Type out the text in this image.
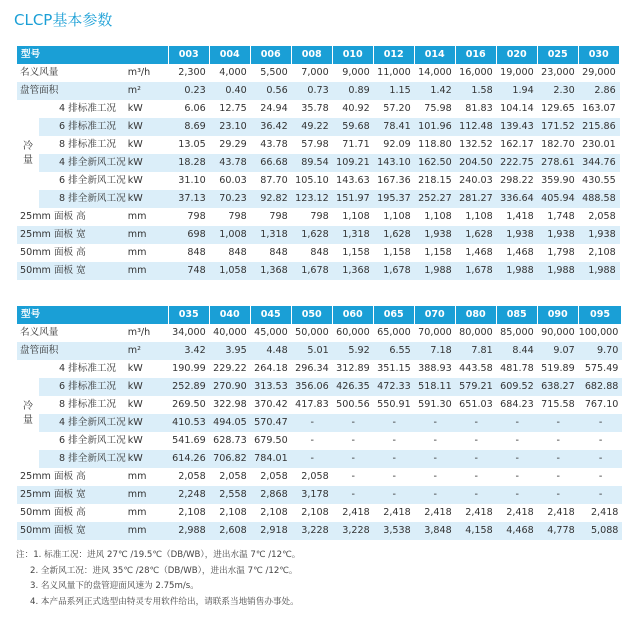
CLCP基本参数
型号			003	004	006	008	010	012	014	016	020	025	030
名义风量		m³/h	2,300	4,000	5,500	7,000	9,000	11,000	14,000	16,000	19,000	23,000	29,000
盘管面积		m²	0.23	0.40	0.56	0.73	0.89	1.15	1.42	1.58	1.94	2.30	2.86
冷量	4 排标准工况	kW	6.06	12.75	24.94	35.78	40.92	57.20	75.98	81.83	104.14	129.65	163.07
	6 排标准工况	kW	8.69	23.10	36.42	49.22	59.68	78.41	101.96	112.48	139.43	171.52	215.86
	8 排标准工况	kW	13.05	29.29	43.78	57.98	71.71	92.09	118.80	132.52	162.17	182.70	230.01
	4 排全新风工况	kW	18.28	43.78	66.68	89.54	109.21	143.10	162.50	204.50	222.75	278.61	344.76
	6 排全新风工况	kW	31.10	60.03	87.70	105.10	143.63	167.36	218.15	240.03	298.22	359.90	430.55
	8 排全新风工况	kW	37.13	70.23	92.82	123.12	151.97	195.37	252.27	281.27	336.64	405.94	488.58
25mm 面板 高		mm	798	798	798	798	1,108	1,108	1,108	1,108	1,418	1,748	2,058
25mm 面板 宽		mm	698	1,008	1,318	1,628	1,318	1,628	1,938	1,628	1,938	1,938	1,938
50mm 面板 高		mm	848	848	848	848	1,158	1,158	1,158	1,468	1,468	1,798	2,108
50mm 面板 宽		mm	748	1,058	1,368	1,678	1,368	1,678	1,988	1,678	1,988	1,988	1,988
型号			035	040	045	050	060	065	070	080	085	090	095
名义风量		m³/h	34,000	40,000	45,000	50,000	60,000	65,000	70,000	80,000	85,000	90,000	100,000
盘管面积		m²	3.42	3.95	4.48	5.01	5.92	6.55	7.18	7.81	8.44	9.07	9.70
冷量	4 排标准工况	kW	190.99	229.22	264.18	296.34	312.89	351.15	388.93	443.58	481.78	519.89	575.49
	6 排标准工况	kW	252.89	270.90	313.53	356.06	426.35	472.33	518.11	579.21	609.52	638.27	682.88
	8 排标准工况	kW	269.50	322.98	370.42	417.83	500.56	550.91	591.30	651.03	684.23	715.58	767.10
	4 排全新风工况	kW	410.53	494.05	570.47	-	-	-	-	-	-	-	-
	6 排全新风工况	kW	541.69	628.73	679.50	-	-	-	-	-	-	-	-
	8 排全新风工况	kW	614.26	706.82	784.01	-	-	-	-	-	-	-	-
25mm 面板 高		mm	2,058	2,058	2,058	2,058	-	-	-	-	-	-	-
25mm 面板 宽		mm	2,248	2,558	2,868	3,178	-	-	-	-	-	-	-
50mm 面板 高		mm	2,108	2,108	2,108	2,108	2,418	2,418	2,418	2,418	2,418	2,418	2,418
50mm 面板 宽		mm	2,988	2,608	2,918	3,228	3,228	3,538	3,848	4,158	4,468	4,778	5,088
注：1. 标准工况：进风 27℃ /19.5℃（DB/WB），进出水温 7℃ /12℃。
2. 全新风工况：进风 35℃ /28℃（DB/WB），进出水温 7℃ /12℃。
3. 名义风量下的盘管迎面风速为 2.75m/s。
4. 本产品系列正式选型由特灵专用软件给出，请联系当地销售办事处。
